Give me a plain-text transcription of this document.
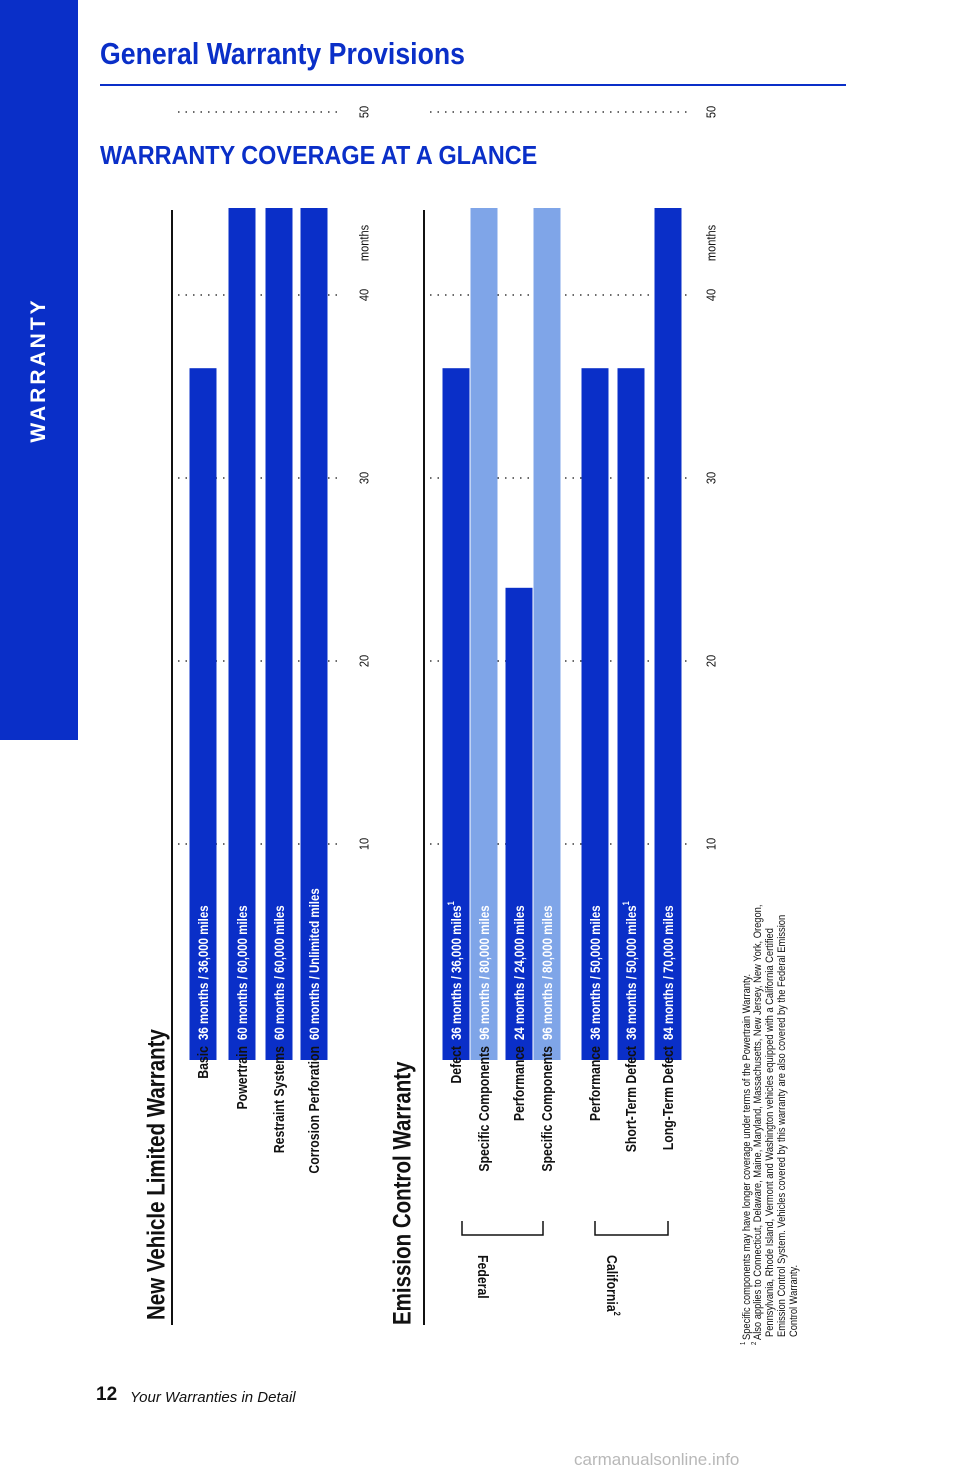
WARRANTY
General Warranty Provisions
WARRANTY COVERAGE AT A GLANCE
New Vehicle Limited Warranty
10
20
30
40
50
months
36 months / 36,000 miles
Basic
60 months / 60,000 miles
Powertrain
60 months / 60,000 miles
Restraint Systems
60 months / Unlimited miles
Corrosion Perforation	Emission Control Warranty
10
20
30
40
50
months
36 months / 36,000 miles$^1$
Defect
96 months / 80,000 miles
Specific Components
24 months / 24,000 miles
Performance
96 months / 80,000 miles
Specific Components
36 months / 50,000 miles
Performance
36 months / 50,000 miles$^1$
Short-Term Defect
84 months / 70,000 miles
Long-Term Defect
Federal	California$^2$
$^1$ Specific components may have longer coverage under terms of the Powertrain Warranty.
$^2$ Also applies to Connecticut, Delaware, Maine, Maryland, Massachusetts, New Jersey, New York, Oregon, Pennsylvania, Rhode Island, Vermont and Washington vehicles equipped with a California Certified Emission Control System. Vehicles covered by this warranty are also covered by the Federal Emission Control Warranty.
12 Your Warranties in Detail
carmanualsonline.info
